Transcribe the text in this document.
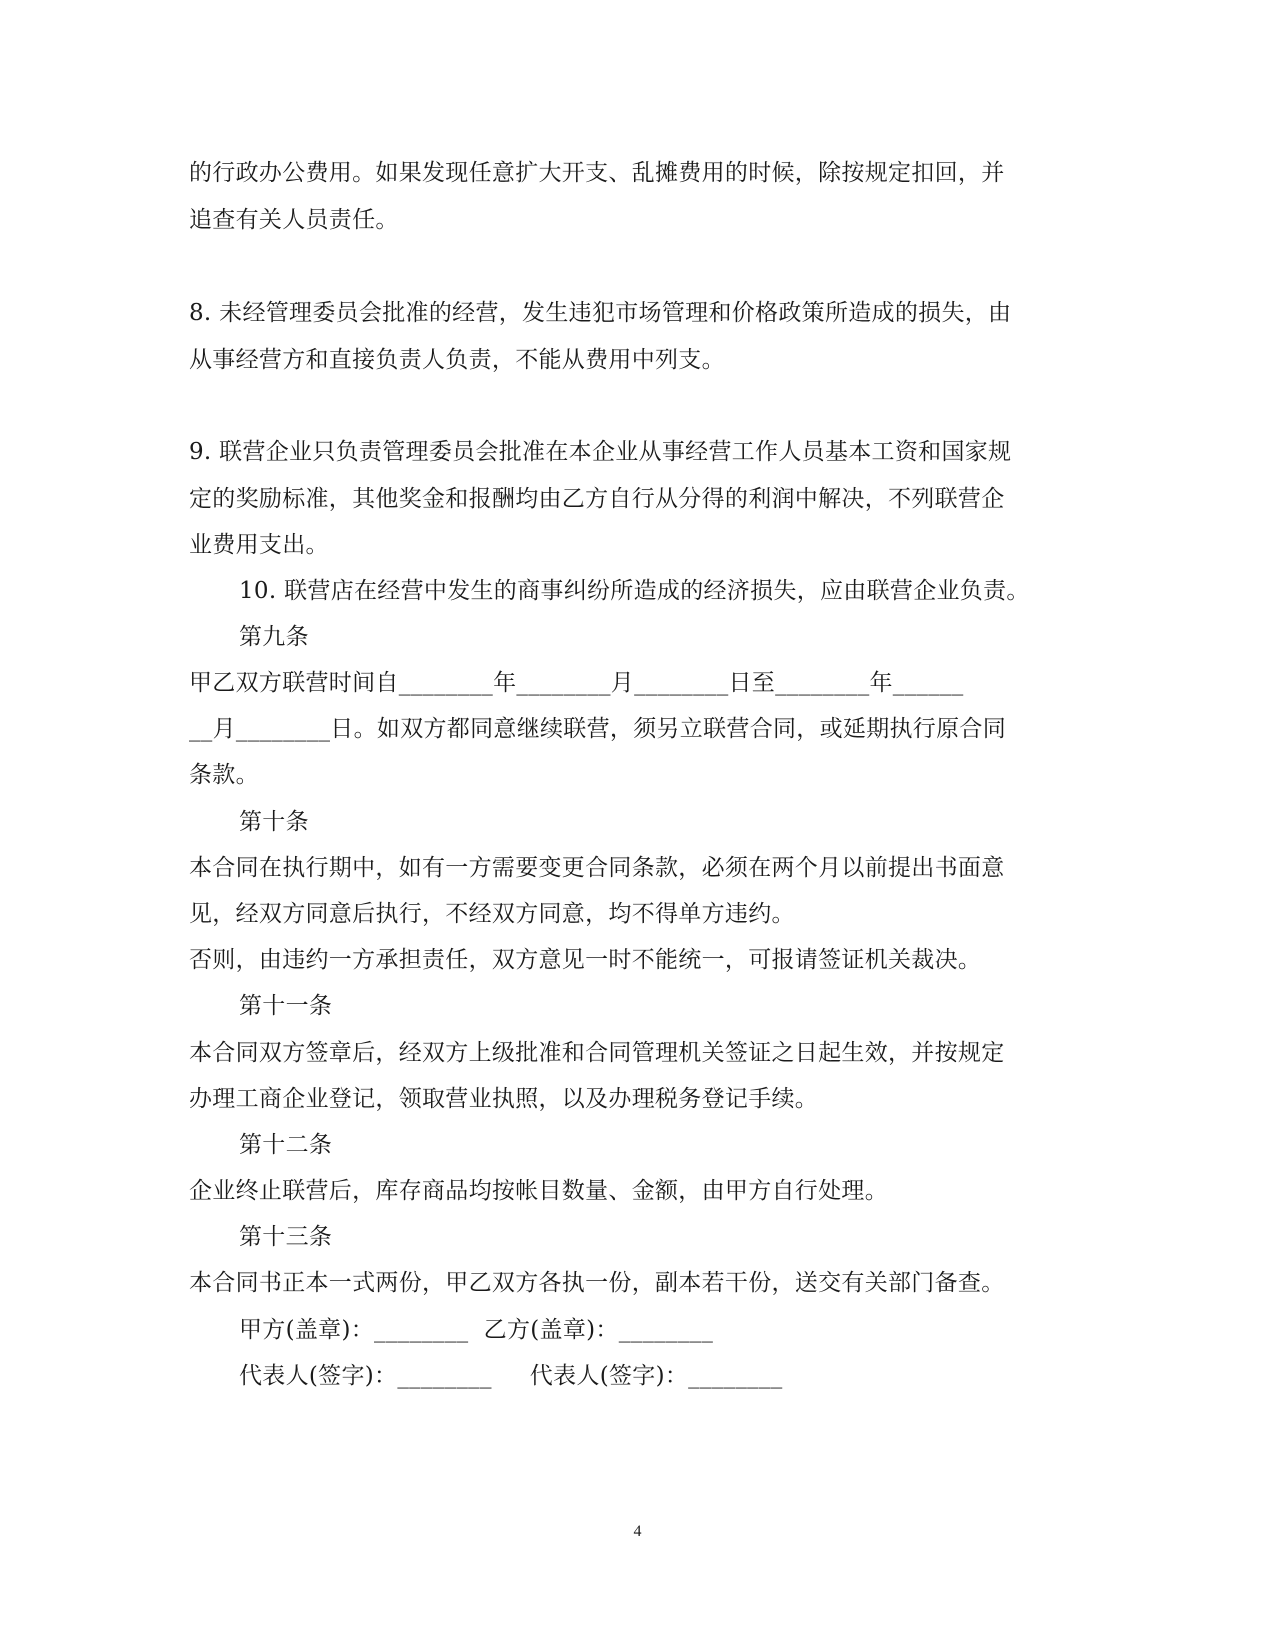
的行政办公费用。如果发现任意扩大开支、乱摊费用的时候，除按规定扣回，并
追查有关人员责任。
8. 未经管理委员会批准的经营，发生违犯市场管理和价格政策所造成的损失，由
从事经营方和直接负责人负责，不能从费用中列支。
9. 联营企业只负责管理委员会批准在本企业从事经营工作人员基本工资和国家规
定的奖励标准，其他奖金和报酬均由乙方自行从分得的利润中解决，不列联营企
业费用支出。
10. 联营店在经营中发生的商事纠纷所造成的经济损失，应由联营企业负责。
第九条
甲乙双方联营时间自________年________月________日至________年______
__月________日。如双方都同意继续联营，须另立联营合同，或延期执行原合同
条款。
第十条
本合同在执行期中，如有一方需要变更合同条款，必须在两个月以前提出书面意
见，经双方同意后执行，不经双方同意，均不得单方违约。
否则，由违约一方承担责任，双方意见一时不能统一，可报请签证机关裁决。
第十一条
本合同双方签章后，经双方上级批准和合同管理机关签证之日起生效，并按规定
办理工商企业登记，领取营业执照，以及办理税务登记手续。
第十二条
企业终止联营后，库存商品均按帐目数量、金额，由甲方自行处理。
第十三条
本合同书正本一式两份，甲乙双方各执一份，副本若干份，送交有关部门备查。
甲方(盖章)：________  乙方(盖章)：________
代表人(签字)：________     代表人(签字)：________
4
